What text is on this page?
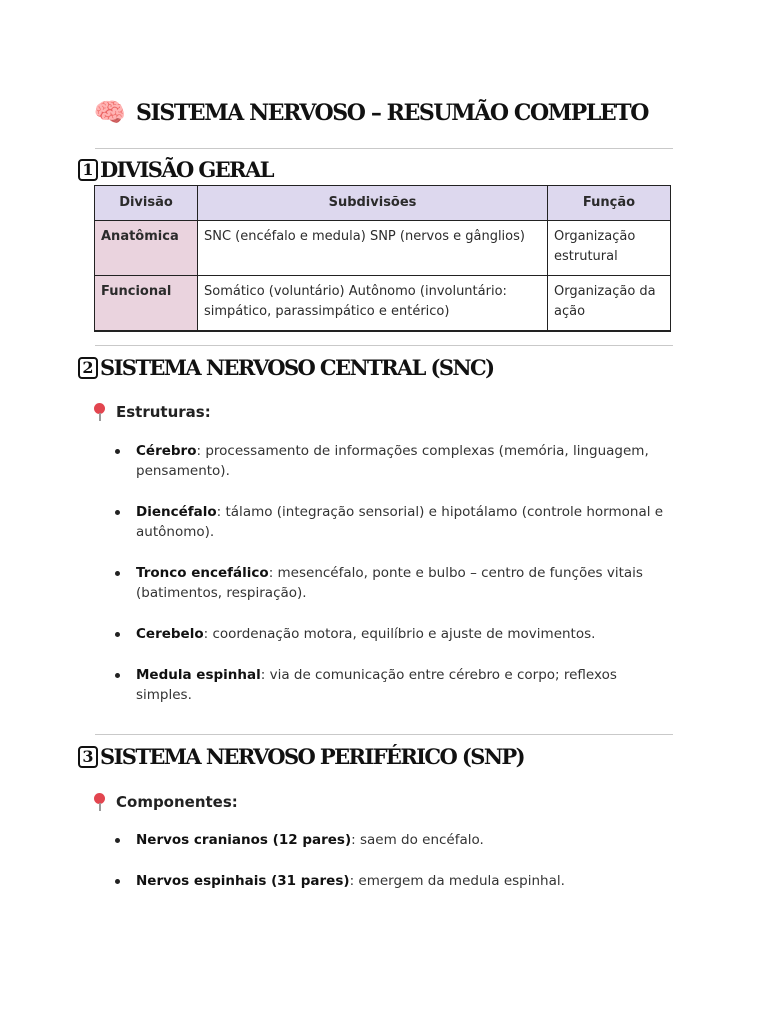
🧠 SISTEMA NERVOSO – RESUMÃO COMPLETO
1 DIVISÃO GERAL
Divisão	Subdivisões	Função
Anatômica	SNC (encéfalo e medula) SNP (nervos e gânglios)	Organização estrutural
Funcional	Somático (voluntário) Autônomo (involuntário: simpático, parassimpático e entérico)	Organização da ação
2 SISTEMA NERVOSO CENTRAL (SNC)
Estruturas:
Cérebro: processamento de informações complexas (memória, linguagem, pensamento).
Diencéfalo: tálamo (integração sensorial) e hipotálamo (controle hormonal e autônomo).
Tronco encefálico: mesencéfalo, ponte e bulbo – centro de funções vitais (batimentos, respiração).
Cerebelo: coordenação motora, equilíbrio e ajuste de movimentos.
Medula espinhal: via de comunicação entre cérebro e corpo; reflexos simples.
3 SISTEMA NERVOSO PERIFÉRICO (SNP)
Componentes:
Nervos cranianos (12 pares): saem do encéfalo.
Nervos espinhais (31 pares): emergem da medula espinhal.
